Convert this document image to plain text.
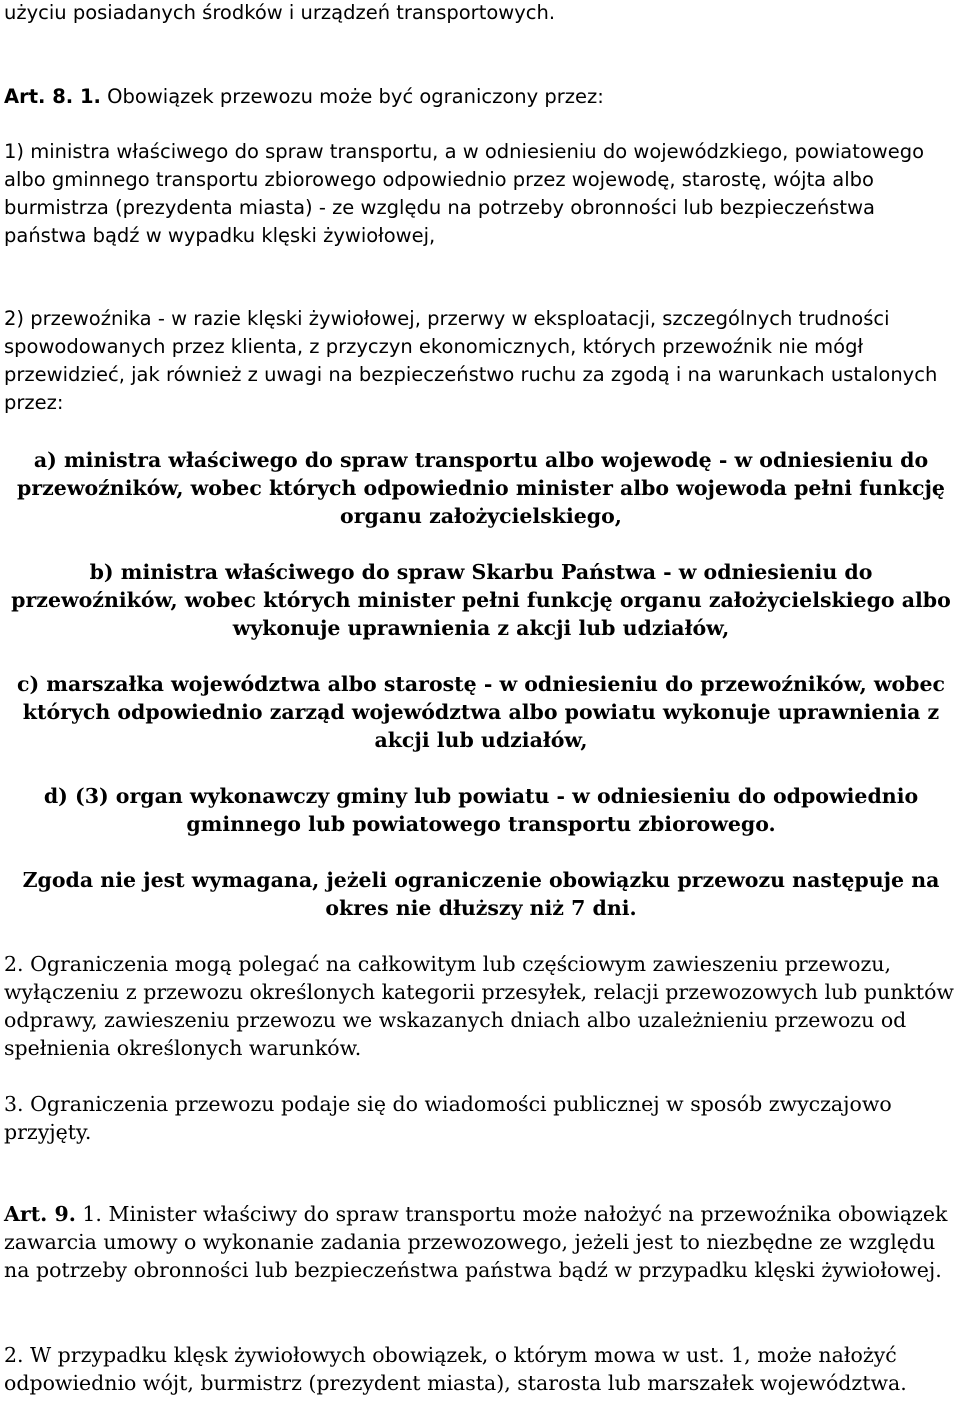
użyciu posiadanych środków i urządzeń transportowych.

Art. 8. 1. Obowiązek przewozu może być ograniczony przez:

1) ministra właściwego do spraw transportu, a w odniesieniu do wojewódzkiego, powiatowego albo gminnego transportu zbiorowego odpowiednio przez wojewodę, starostę, wójta albo burmistrza (prezydenta miasta) - ze względu na potrzeby obronności lub bezpieczeństwa państwa bądź w wypadku klęski żywiołowej,

2) przewoźnika - w razie klęski żywiołowej, przerwy w eksploatacji, szczególnych trudności spowodowanych przez klienta, z przyczyn ekonomicznych, których przewoźnik nie mógł przewidzieć, jak również z uwagi na bezpieczeństwo ruchu za zgodą i na warunkach ustalonych przez:

a) ministra właściwego do spraw transportu albo wojewodę - w odniesieniu do przewoźników, wobec których odpowiednio minister albo wojewoda pełni funkcję organu założycielskiego,

b) ministra właściwego do spraw Skarbu Państwa - w odniesieniu do przewoźników, wobec których minister pełni funkcję organu założycielskiego albo wykonuje uprawnienia z akcji lub udziałów,

c) marszałka województwa albo starostę - w odniesieniu do przewoźników, wobec których odpowiednio zarząd województwa albo powiatu wykonuje uprawnienia z akcji lub udziałów,

d) (3) organ wykonawczy gminy lub powiatu - w odniesieniu do odpowiednio gminnego lub powiatowego transportu zbiorowego.

Zgoda nie jest wymagana, jeżeli ograniczenie obowiązku przewozu następuje na okres nie dłuższy niż 7 dni.

2. Ograniczenia mogą polegać na całkowitym lub częściowym zawieszeniu przewozu, wyłączeniu z przewozu określonych kategorii przesyłek, relacji przewozowych lub punktów odprawy, zawieszeniu przewozu we wskazanych dniach albo uzależnieniu przewozu od spełnienia określonych warunków.

3. Ograniczenia przewozu podaje się do wiadomości publicznej w sposób zwyczajowo przyjęty.

Art. 9. 1. Minister właściwy do spraw transportu może nałożyć na przewoźnika obowiązek zawarcia umowy o wykonanie zadania przewozowego, jeżeli jest to niezbędne ze względu na potrzeby obronności lub bezpieczeństwa państwa bądź w przypadku klęski żywiołowej.

2. W przypadku klęsk żywiołowych obowiązek, o którym mowa w ust. 1, może nałożyć odpowiednio wójt, burmistrz (prezydent miasta), starosta lub marszałek województwa.
